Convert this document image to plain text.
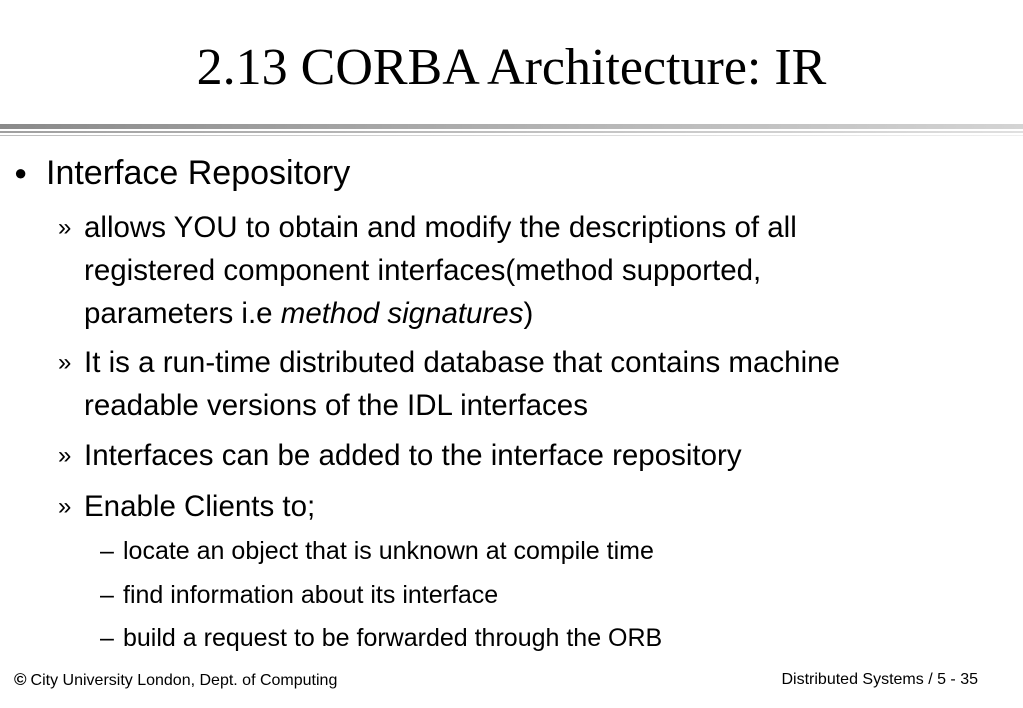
2.13 CORBA Architecture: IR
● Interface Repository
» allows YOU to obtain and modify the descriptions of all
registered component interfaces(method supported,
parameters i.e method signatures)
» It is a run-time distributed database that contains machine
readable versions of the IDL interfaces
» Interfaces can be added to the interface repository
» Enable Clients to;
– locate an object that is unknown at compile time
– find information about its interface
– build a request to be forwarded through the ORB
© City University London, Dept. of Computing	Distributed Systems / 5 - 35
